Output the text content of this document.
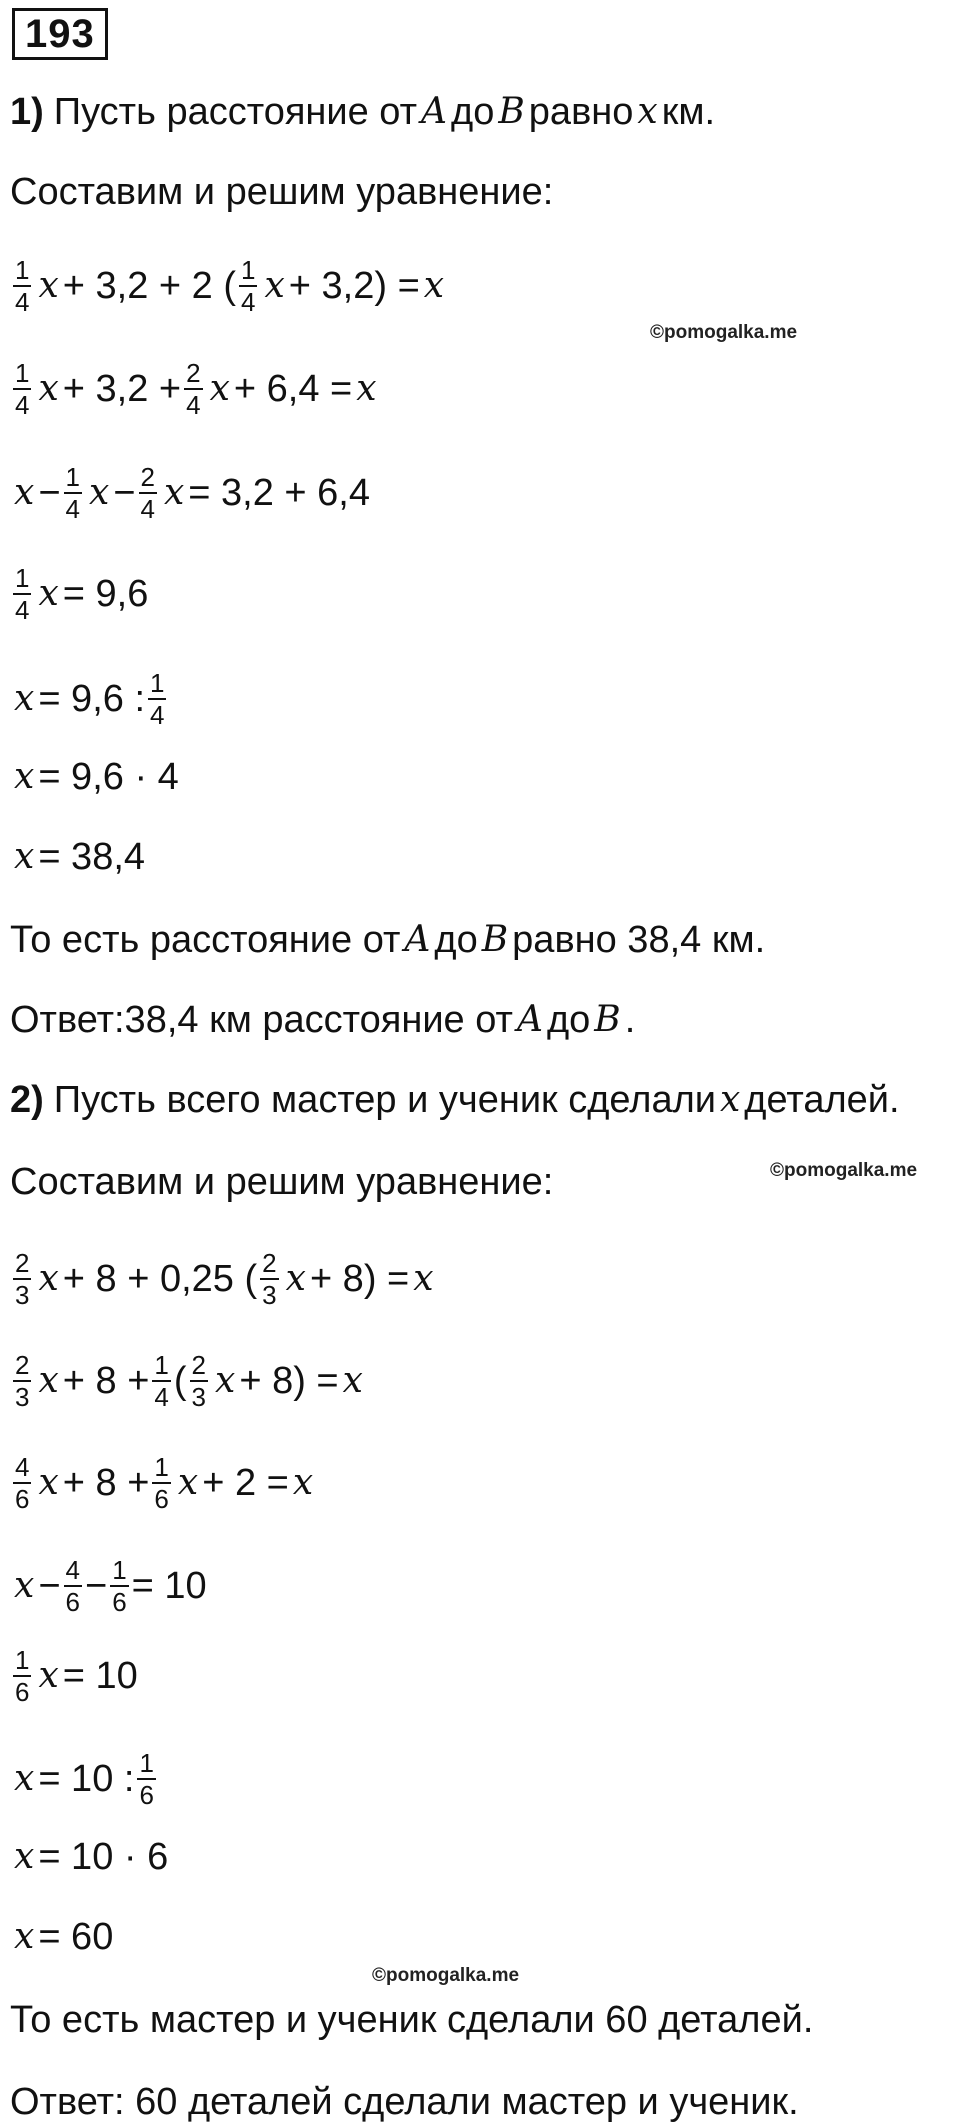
193
1) Пусть расстояние от A до B равно x км.
Составим и решим уравнение:
$\frac{1}{4}$ x + 3,2 + 2 ( $\frac{1}{4}$ x + 3,2) = x
©pomogalka.me
$\frac{1}{4}$ $x + 3,2 + \frac{2}{4}$ x + 6,4 = x
$x - \frac{1}{4}$ $x - \frac{2}{4}$ x = 3,2 + 6,4
$\frac{1}{4}$ x = 9,6
x = 9,6 : $\frac{1}{4}$
x = 9,6 · 4
x = 38,4
То есть расстояние от A до B равно 38,4 км.
Ответ:38,4 км расстояние от A до B .
2) Пусть всего мастер и ученик сделали x деталей.
Составим и решим уравнение:	©pomogalka.me
$\frac{2}{3}$ x + 8 + 0,25 ( $\frac{2}{3}$ x + 8) = x
$\frac{2}{3}$ $x + 8 + \frac{1}{4}$ ( $\frac{2}{3}$ x + 8) = x
$\frac{4}{6}$ $x + 8 + \frac{1}{6}$ x + 2 = x
$x - \frac{4}{6} - \frac{1}{6} = 10$
$\frac{1}{6}$ x = 10
x = 10 : $\frac{1}{6}$
x = 10 · 6
x = 60
©pomogalka.me
То есть мастер и ученик сделали 60 деталей.
Ответ: 60 деталей сделали мастер и ученик.
